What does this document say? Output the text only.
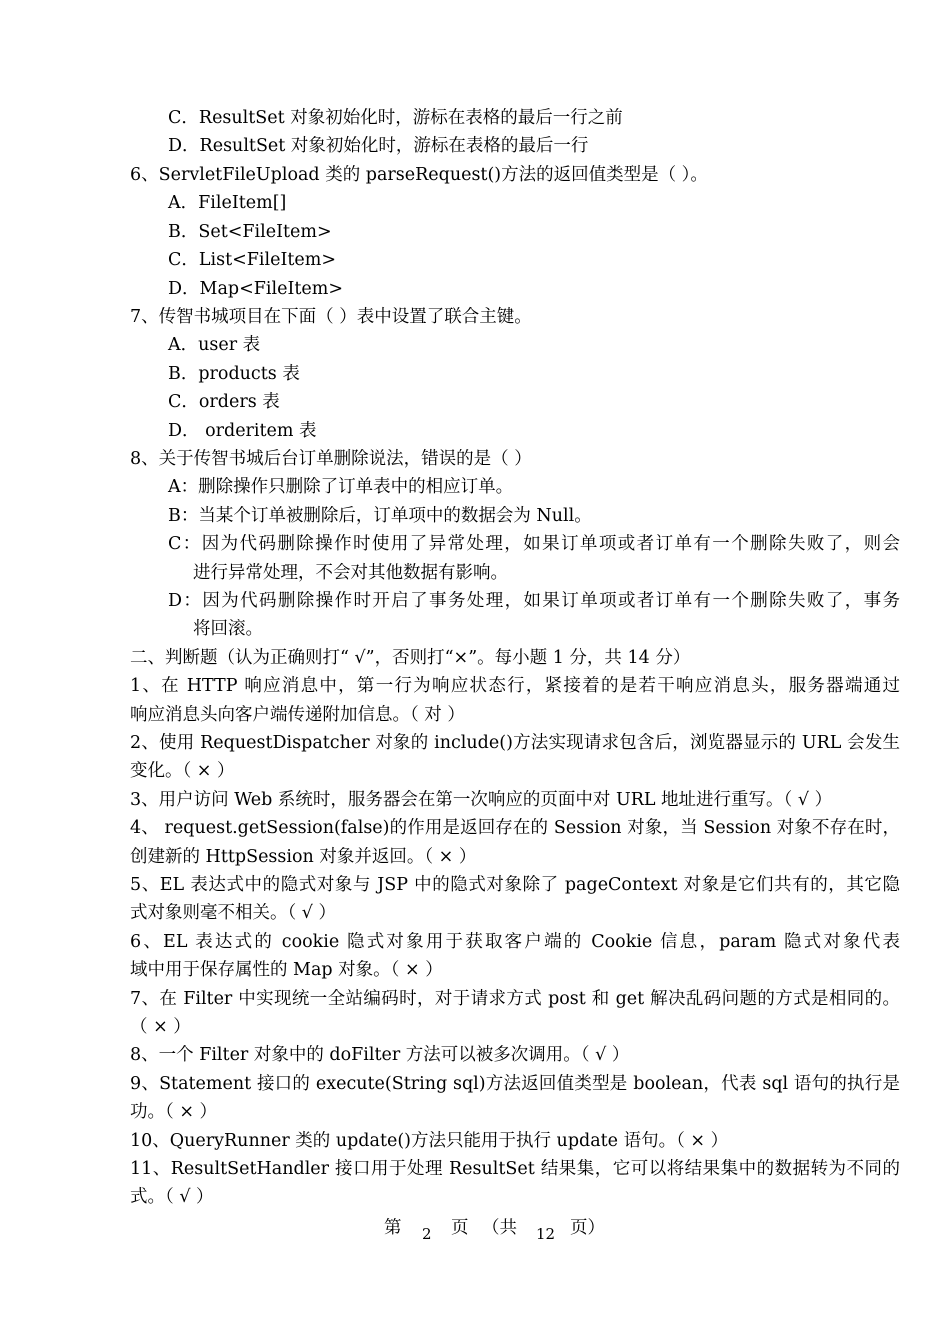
C．ResultSet 对象初始化时，游标在表格的最后一行之前
D．ResultSet 对象初始化时，游标在表格的最后一行
6、ServletFileUpload 类的 parseRequest()方法的返回值类型是（ ）。
A．FileItem[]
B．Set<FileItem>
C．List<FileItem>
D．Map<FileItem>
7、传智书城项目在下面（ ）表中设置了联合主键。
A．user 表
B．products 表
C．orders 表
D． orderitem 表
8、关于传智书城后台订单删除说法，错误的是（ ）
A：删除操作只删除了订单表中的相应订单。
B：当某个订单被删除后，订单项中的数据会为 Null。
C：因为代码删除操作时使用了异常处理，如果订单项或者订单有一个删除失败了，则会
进行异常处理，不会对其他数据有影响。
D：因为代码删除操作时开启了事务处理，如果订单项或者订单有一个删除失败了，事务
将回滚。
二、判断题（认为正确则打“ √”，否则打“×”。每小题 1 分，共 14 分）
1、在 HTTP 响应消息中，第一行为响应状态行，紧接着的是若干响应消息头，服务器端通过
响应消息头向客户端传递附加信息。（ 对 ）
2、使用 RequestDispatcher 对象的 include()方法实现请求包含后，浏览器显示的 URL 会发生
变化。（ × ）
3、用户访问 Web 系统时，服务器会在第一次响应的页面中对 URL 地址进行重写。（ √ ）
4、 request.getSession(false)的作用是返回存在的 Session 对象，当 Session 对象不存在时，
创建新的 HttpSession 对象并返回。（ × ）
5、EL 表达式中的隐式对象与 JSP 中的隐式对象除了 pageContext 对象是它们共有的，其它隐
式对象则毫不相关。（ √ ）
6、EL 表达式的 cookie 隐式对象用于获取客户端的 Cookie 信息，param 隐式对象代表
域中用于保存属性的 Map 对象。（ × ）
7、在 Filter 中实现统一全站编码时，对于请求方式 post 和 get 解决乱码问题的方式是相同的。
（ × ）
8、一个 Filter 对象中的 doFilter 方法可以被多次调用。（ √ ）
9、Statement 接口的 execute(String sql)方法返回值类型是 boolean，代表 sql 语句的执行是
功。（ × ）
10、QueryRunner 类的 update()方法只能用于执行 update 语句。（ × ）
11、ResultSetHandler 接口用于处理 ResultSet 结果集，它可以将结果集中的数据转为不同的
式。（ √ ）
第 2 页 （共 12 页）
